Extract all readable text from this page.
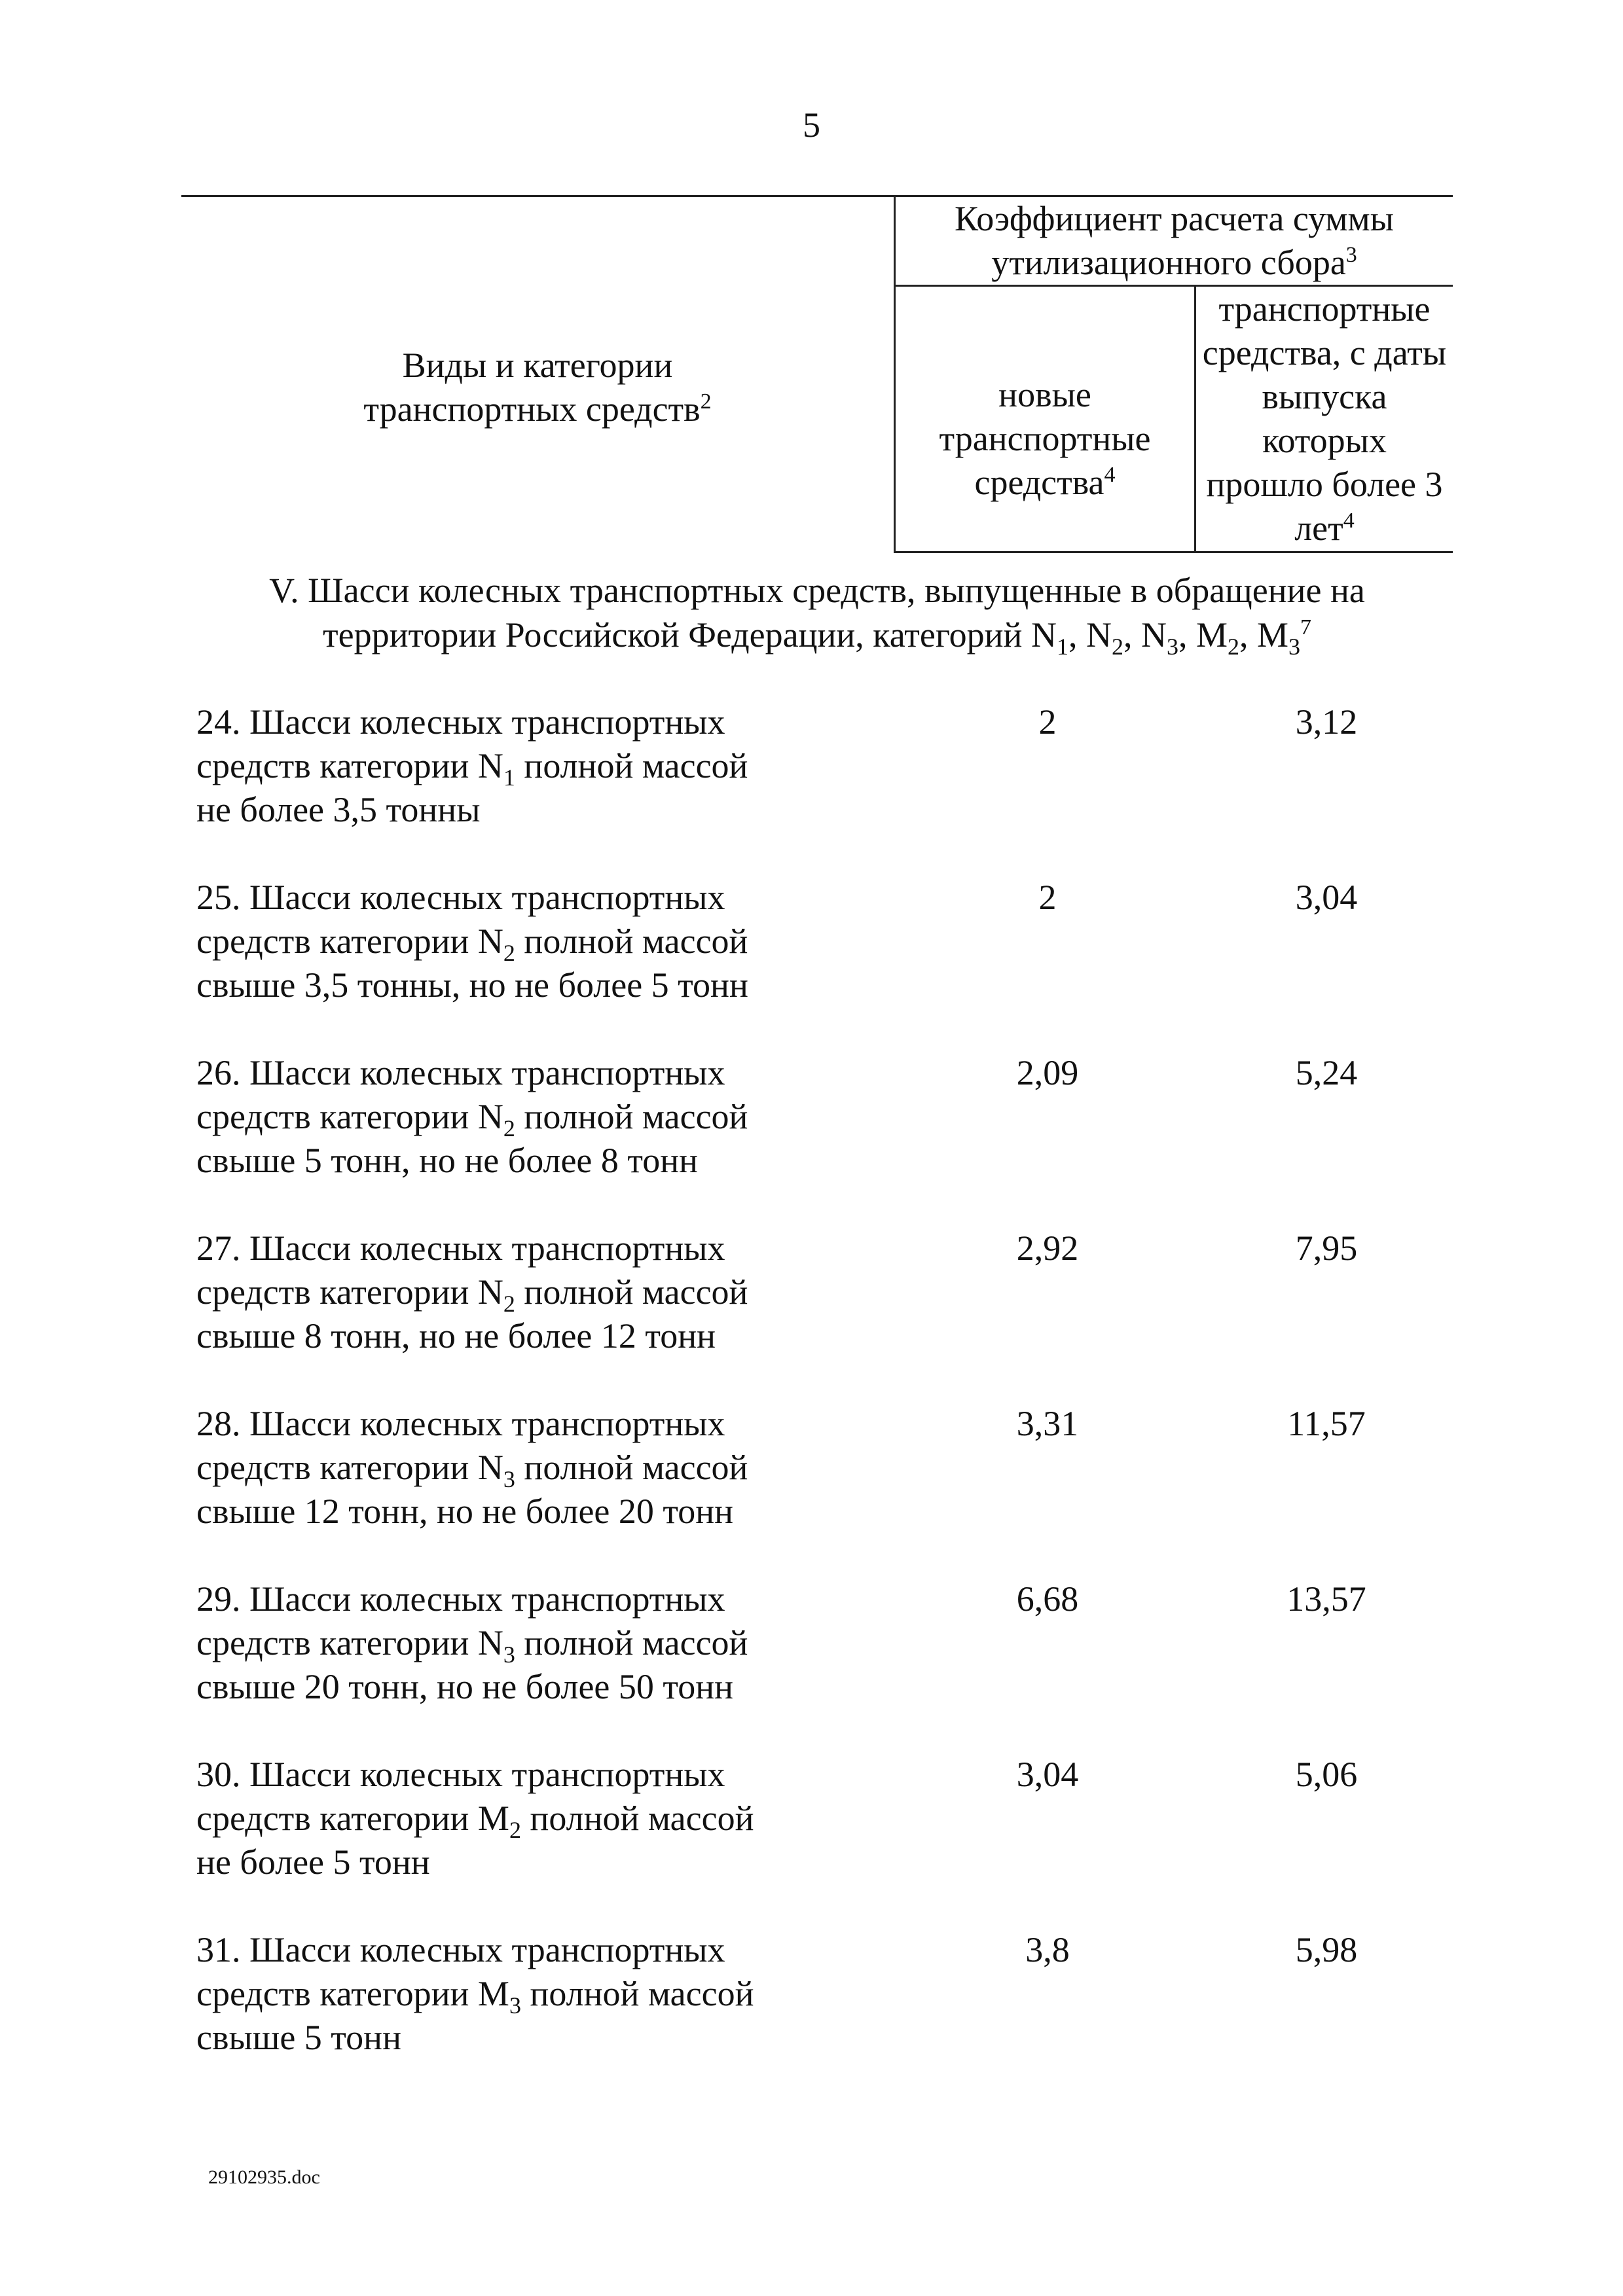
5
Виды и категории транспортных средств$^2$	Коэффициент расчета суммы утилизационного сбора$^3$

	новые транспортные средства$^4$	транспортные средства, с даты выпуска которых прошло более 3 лет$^4$
V. Шасси колесных транспортных средств, выпущенные в обращение на
территории Российской Федерации, категорий $N_1$, $N_2$, $N_3$, $M_2$, $M_3^7$
24. Шасси колесных транспортных
средств категории $N_1$ полной массой
не более 3,5 тонны
2	3,12
25. Шасси колесных транспортных
средств категории $N_2$ полной массой
свыше 3,5 тонны, но не более 5 тонн
2	3,04
26. Шасси колесных транспортных
средств категории $N_2$ полной массой
свыше 5 тонн, но не более 8 тонн
2,09	5,24
27. Шасси колесных транспортных
средств категории $N_2$ полной массой
свыше 8 тонн, но не более 12 тонн
2,92	7,95
28. Шасси колесных транспортных
средств категории $N_3$ полной массой
свыше 12 тонн, но не более 20 тонн
3,31	11,57
29. Шасси колесных транспортных
средств категории $N_3$ полной массой
свыше 20 тонн, но не более 50 тонн
6,68	13,57
30. Шасси колесных транспортных
средств категории $M_2$ полной массой
не более 5 тонн
3,04	5,06
31. Шасси колесных транспортных
средств категории $M_3$ полной массой
свыше 5 тонн
3,8	5,98
29102935.doc
